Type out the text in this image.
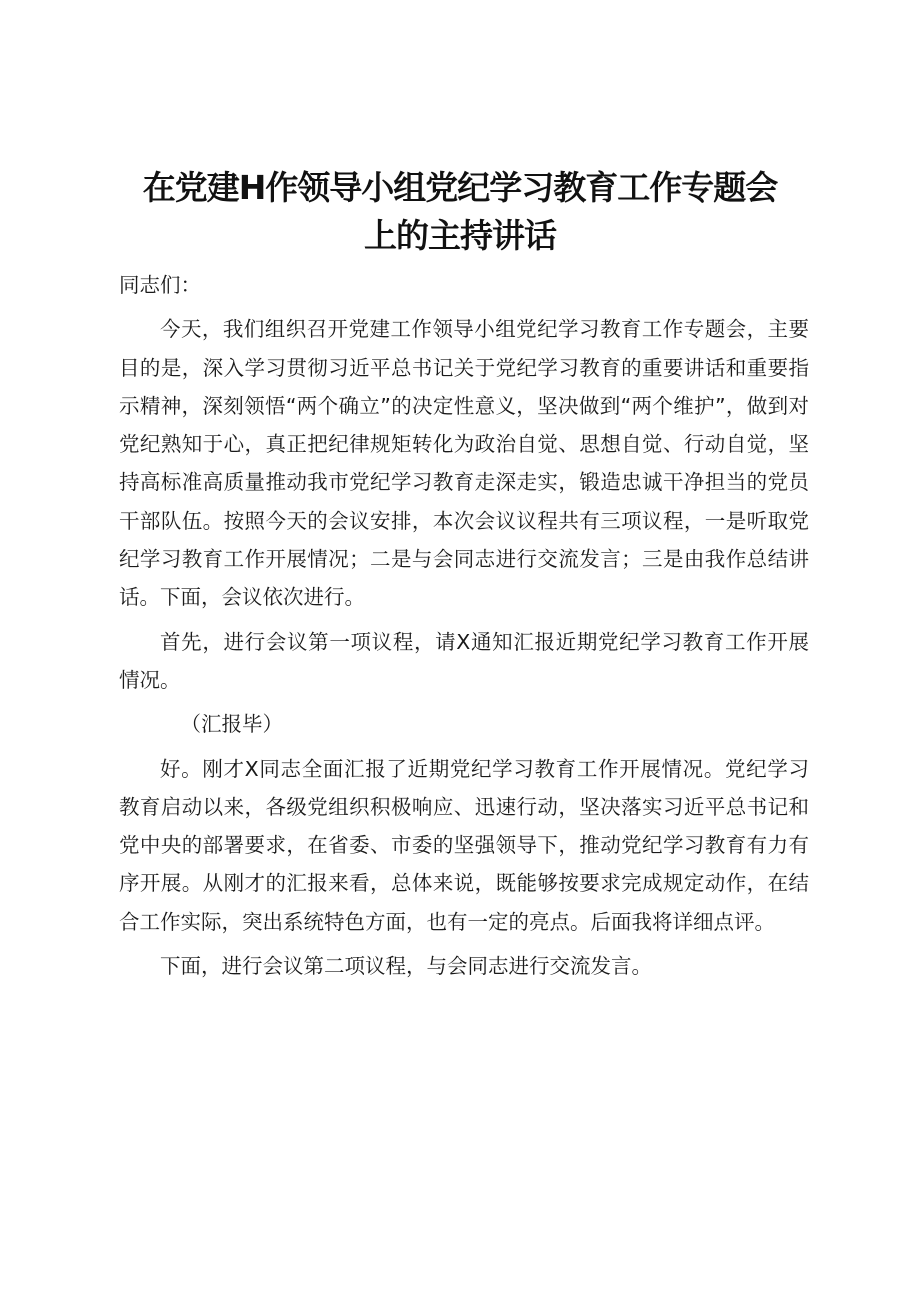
在党建H作领导小组党纪学习教育工作专题会
上的主持讲话

同志们：

今天，我们组织召开党建工作领导小组党纪学习教育工作专题会，主要目的是，深入学习贯彻习近平总书记关于党纪学习教育的重要讲话和重要指示精神，深刻领悟“两个确立”的决定性意义，坚决做到“两个维护”，做到对党纪熟知于心，真正把纪律规矩转化为政治自觉、思想自觉、行动自觉，坚持高标准高质量推动我市党纪学习教育走深走实，锻造忠诚干净担当的党员干部队伍。按照今天的会议安排，本次会议议程共有三项议程，一是听取党纪学习教育工作开展情况；二是与会同志进行交流发言；三是由我作总结讲话。下面，会议依次进行。

首先，进行会议第一项议程，请X通知汇报近期党纪学习教育工作开展情况。

（汇报毕）

好。刚才X同志全面汇报了近期党纪学习教育工作开展情况。党纪学习教育启动以来，各级党组织积极响应、迅速行动，坚决落实习近平总书记和党中央的部署要求，在省委、市委的坚强领导下，推动党纪学习教育有力有序开展。从刚才的汇报来看，总体来说，既能够按要求完成规定动作，在结合工作实际，突出系统特色方面，也有一定的亮点。后面我将详细点评。

下面，进行会议第二项议程，与会同志进行交流发言。
